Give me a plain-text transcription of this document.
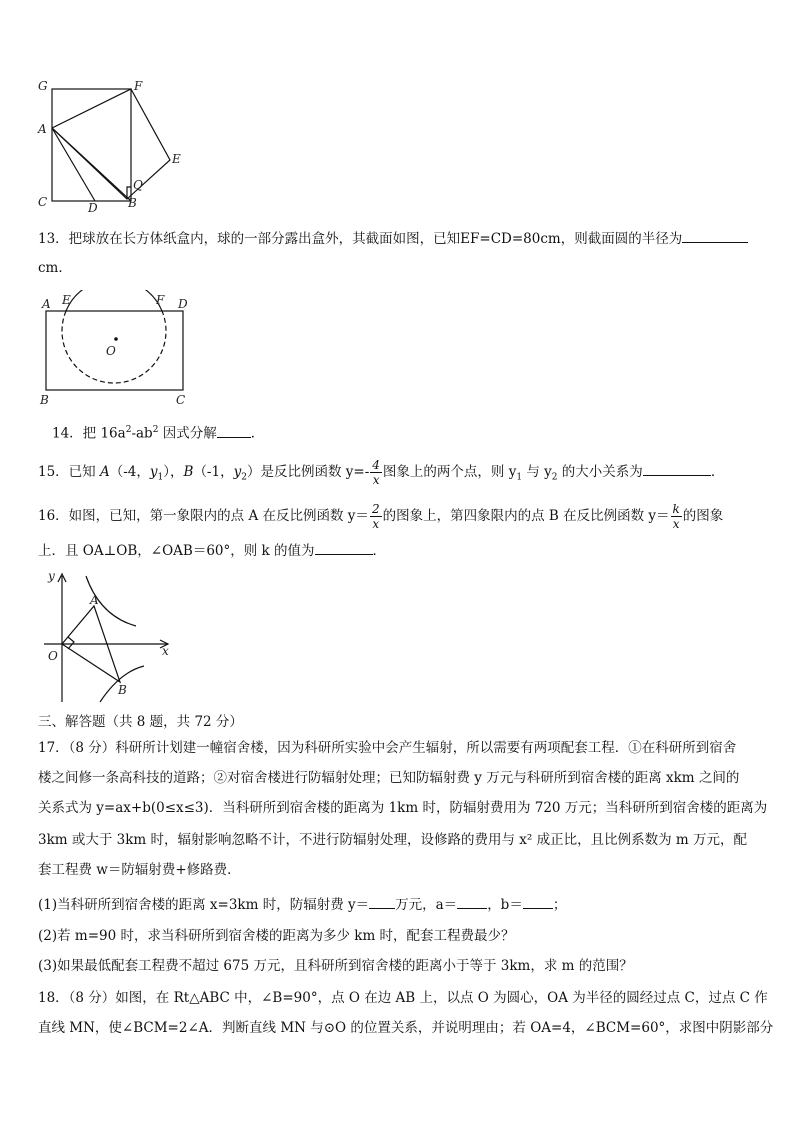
G	F
A
E
Q
C	D	B
13．把球放在长方体纸盒内，球的一部分露出盒外，其截面如图，已知EF=CD=80cm，则截面圆的半径为
cm．
A E	F D
O
B	C
14．把 $16a^2-ab^2$ 因式分解	．
15．已知 A（-4，$y_1$），B（-1，$y_2$）是反比例函数 $y=- \frac{4}{x}$ 图象上的两个点，则 $y_1$ 与 $y_2$ 的大小关系为	．
16．如图，已知，第一象限内的点 A 在反比例函数 $y= \frac{2}{x}$ 的图象上，第四象限内的点 B 在反比例函数 $y= \frac{k}{x}$ 的图象
上．且 OA⊥OB，∠OAB＝60°，则 k 的值为	．
y
x
O
A
B
三、解答题（共 8 题，共 72 分）
17．（8 分）科研所计划建一幢宿舍楼，因为科研所实验中会产生辐射，所以需要有两项配套工程．①在科研所到宿舍
楼之间修一条高科技的道路；②对宿舍楼进行防辐射处理；已知防辐射费 y 万元与科研所到宿舍楼的距离 xkm 之间的
关系式为 y=ax+b(0≤x≤3)．当科研所到宿舍楼的距离为 1km 时，防辐射费用为 720 万元；当科研所到宿舍楼的距离为
3km 或大于 3km 时，辐射影响忽略不计，不进行防辐射处理，设修路的费用与 x² 成正比，且比例系数为 m 万元，配
套工程费 w＝防辐射费+修路费．
(1)当科研所到宿舍楼的距离 x=3km 时，防辐射费 y＝ 万元，a＝ ，b＝ ；
(2)若 m=90 时，求当科研所到宿舍楼的距离为多少 km 时，配套工程费最少？
(3)如果最低配套工程费不超过 675 万元，且科研所到宿舍楼的距离小于等于 3km，求 m 的范围？
18．（8 分）如图，在 Rt△ABC 中，∠B=90°，点 O 在边 AB 上，以点 O 为圆心，OA 为半径的圆经过点 C，过点 C 作
直线 MN，使∠BCM=2∠A．判断直线 MN 与⊙O 的位置关系，并说明理由；若 OA=4，∠BCM=60°，求图中阴影部分
